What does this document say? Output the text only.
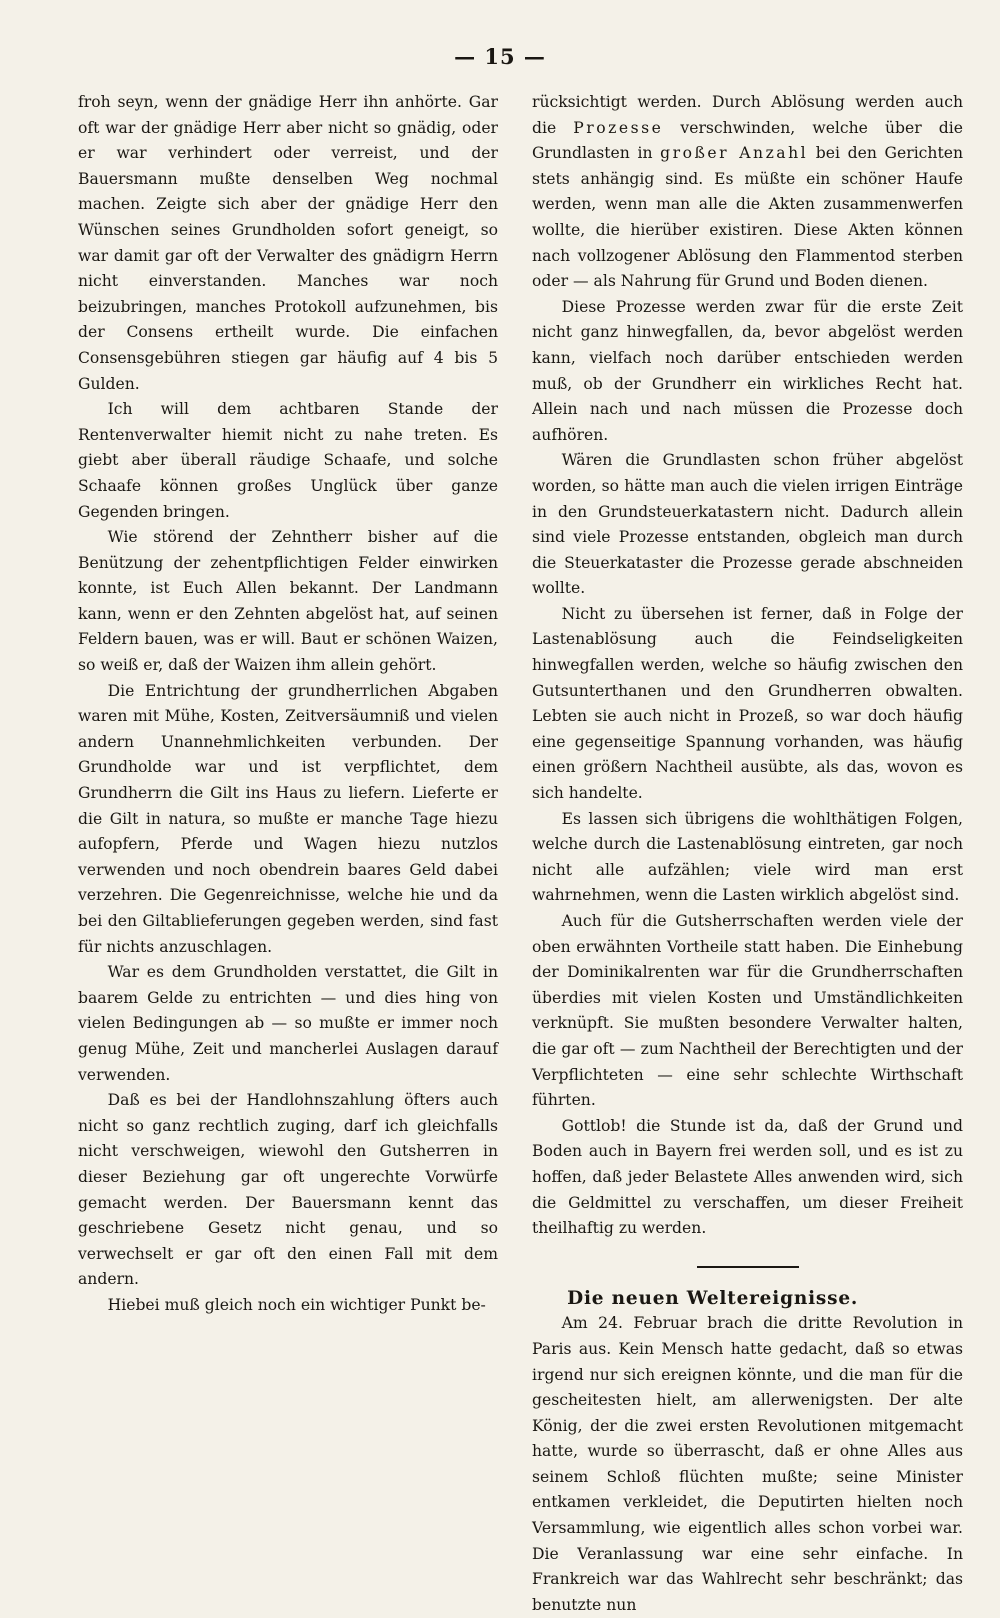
— 15 —

froh seyn, wenn der gnädige Herr ihn anhörte. Gar oft war der gnädige Herr aber nicht so gnädig, oder er war verhindert oder verreist, und der Bauersmann mußte denselben Weg nochmal machen. Zeigte sich aber der gnädige Herr den Wünschen seines Grundholden sofort geneigt, so war damit gar oft der Verwalter des gnädigrn Herrn nicht einverstanden. Manches war noch beizubringen, manches Protokoll aufzunehmen, bis der Consens ertheilt wurde. Die einfachen Consensgebühren stiegen gar häufig auf 4 bis 5 Gulden.

Ich will dem achtbaren Stande der Rentenverwalter hiemit nicht zu nahe treten. Es giebt aber überall räudige Schaafe, und solche Schaafe können großes Unglück über ganze Gegenden bringen.

Wie störend der Zehntherr bisher auf die Benützung der zehentpflichtigen Felder einwirken konnte, ist Euch Allen bekannt. Der Landmann kann, wenn er den Zehnten abgelöst hat, auf seinen Feldern bauen, was er will. Baut er schönen Waizen, so weiß er, daß der Waizen ihm allein gehört.

Die Entrichtung der grundherrlichen Abgaben waren mit Mühe, Kosten, Zeitversäumniß und vielen andern Unannehmlichkeiten verbunden. Der Grundholde war und ist verpflichtet, dem Grundherrn die Gilt ins Haus zu liefern. Lieferte er die Gilt in natura, so mußte er manche Tage hiezu aufopfern, Pferde und Wagen hiezu nutzlos verwenden und noch obendrein baares Geld dabei verzehren. Die Gegenreichnisse, welche hie und da bei den Giltablieferungen gegeben werden, sind fast für nichts anzuschlagen.

War es dem Grundholden verstattet, die Gilt in baarem Gelde zu entrichten — und dies hing von vielen Bedingungen ab — so mußte er immer noch genug Mühe, Zeit und mancherlei Auslagen darauf verwenden.

Daß es bei der Handlohnszahlung öfters auch nicht so ganz rechtlich zuging, darf ich gleichfalls nicht verschweigen, wiewohl den Gutsherren in dieser Beziehung gar oft ungerechte Vorwürfe gemacht werden. Der Bauersmann kennt das geschriebene Gesetz nicht genau, und so verwechselt er gar oft den einen Fall mit dem andern.

Hiebei muß gleich noch ein wichtiger Punkt be-

rücksichtigt werden. Durch Ablösung werden auch die Prozesse verschwinden, welche über die Grundlasten in großer Anzahl bei den Gerichten stets anhängig sind. Es müßte ein schöner Haufe werden, wenn man alle die Akten zusammenwerfen wollte, die hierüber existiren. Diese Akten können nach vollzogener Ablösung den Flammentod sterben oder — als Nahrung für Grund und Boden dienen.

Diese Prozesse werden zwar für die erste Zeit nicht ganz hinwegfallen, da, bevor abgelöst werden kann, vielfach noch darüber entschieden werden muß, ob der Grundherr ein wirkliches Recht hat. Allein nach und nach müssen die Prozesse doch aufhören.

Wären die Grundlasten schon früher abgelöst worden, so hätte man auch die vielen irrigen Einträge in den Grundsteuerkatastern nicht. Dadurch allein sind viele Prozesse entstanden, obgleich man durch die Steuerkataster die Prozesse gerade abschneiden wollte.

Nicht zu übersehen ist ferner, daß in Folge der Lastenablösung auch die Feindseligkeiten hinwegfallen werden, welche so häufig zwischen den Gutsunterthanen und den Grundherren obwalten. Lebten sie auch nicht in Prozeß, so war doch häufig eine gegenseitige Spannung vorhanden, was häufig einen größern Nachtheil ausübte, als das, wovon es sich handelte.

Es lassen sich übrigens die wohlthätigen Folgen, welche durch die Lastenablösung eintreten, gar noch nicht alle aufzählen; viele wird man erst wahrnehmen, wenn die Lasten wirklich abgelöst sind.

Auch für die Gutsherrschaften werden viele der oben erwähnten Vortheile statt haben. Die Einhebung der Dominikalrenten war für die Grundherrschaften überdies mit vielen Kosten und Umständlichkeiten verknüpft. Sie mußten besondere Verwalter halten, die gar oft — zum Nachtheil der Berechtigten und der Verpflichteten — eine sehr schlechte Wirthschaft führten.

Gottlob! die Stunde ist da, daß der Grund und Boden auch in Bayern frei werden soll, und es ist zu hoffen, daß jeder Belastete Alles anwenden wird, sich die Geldmittel zu verschaffen, um dieser Freiheit theilhaftig zu werden.

Die neuen Weltereignisse.

Am 24. Februar brach die dritte Revolution in Paris aus. Kein Mensch hatte gedacht, daß so etwas irgend nur sich ereignen könnte, und die man für die gescheitesten hielt, am allerwenigsten. Der alte König, der die zwei ersten Revolutionen mitgemacht hatte, wurde so überrascht, daß er ohne Alles aus seinem Schloß flüchten mußte; seine Minister entkamen verkleidet, die Deputirten hielten noch Versammlung, wie eigentlich alles schon vorbei war. Die Veranlassung war eine sehr einfache. In Frankreich war das Wahlrecht sehr beschränkt; das benutzte nun
